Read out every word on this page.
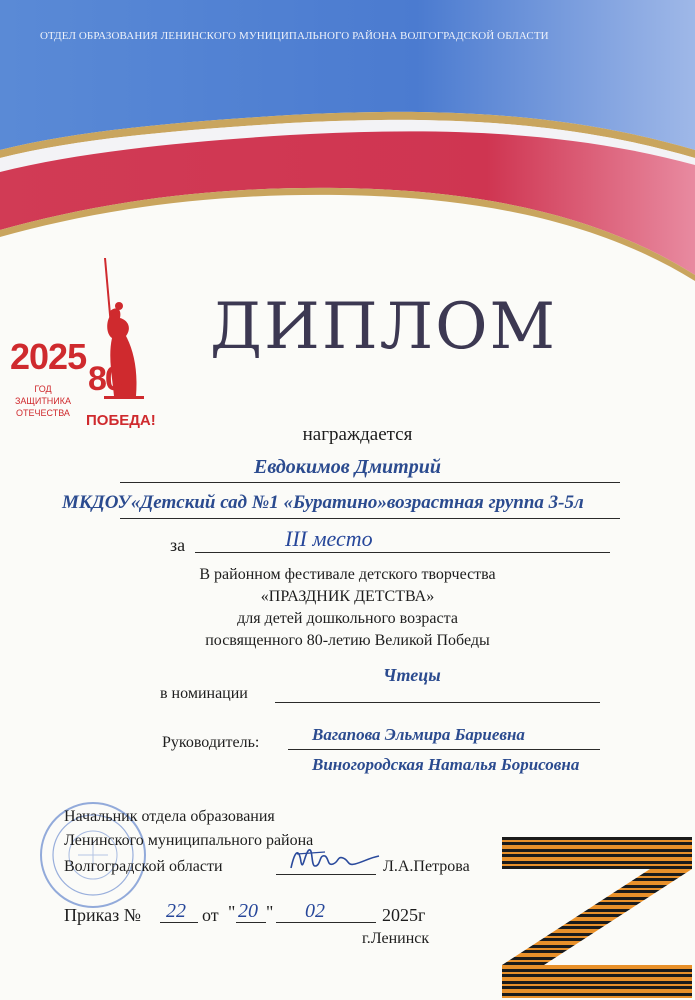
ОТДЕЛ ОБРАЗОВАНИЯ ЛЕНИНСКОГО МУНИЦИПАЛЬНОГО РАЙОНА ВОЛГОГРАДСКОЙ ОБЛАСТИ
2025
ГОД ЗАЩИТНИКА
ОТЕЧЕСТВА
80
ПОБЕДА!
ДИПЛОМ
награждается
Евдокимов Дмитрий
МКДОУ«Детский сад №1 «Буратино»возрастная группа 3-5л
за	III место
В районном фестивале детского творчества
«ПРАЗДНИК ДЕТСТВА»
для детей дошкольного возраста
посвященного 80-летию Великой Победы
Чтецы
в номинации
Вагапова Эльмира Бариевна
Руководитель:
Виногородская Наталья Борисовна
Начальник отдела образования
Ленинского муниципального района
Волгоградской области	Л.А.Петрова
Приказ № 22 от " 20 " 02	2025г
г.Ленинск
